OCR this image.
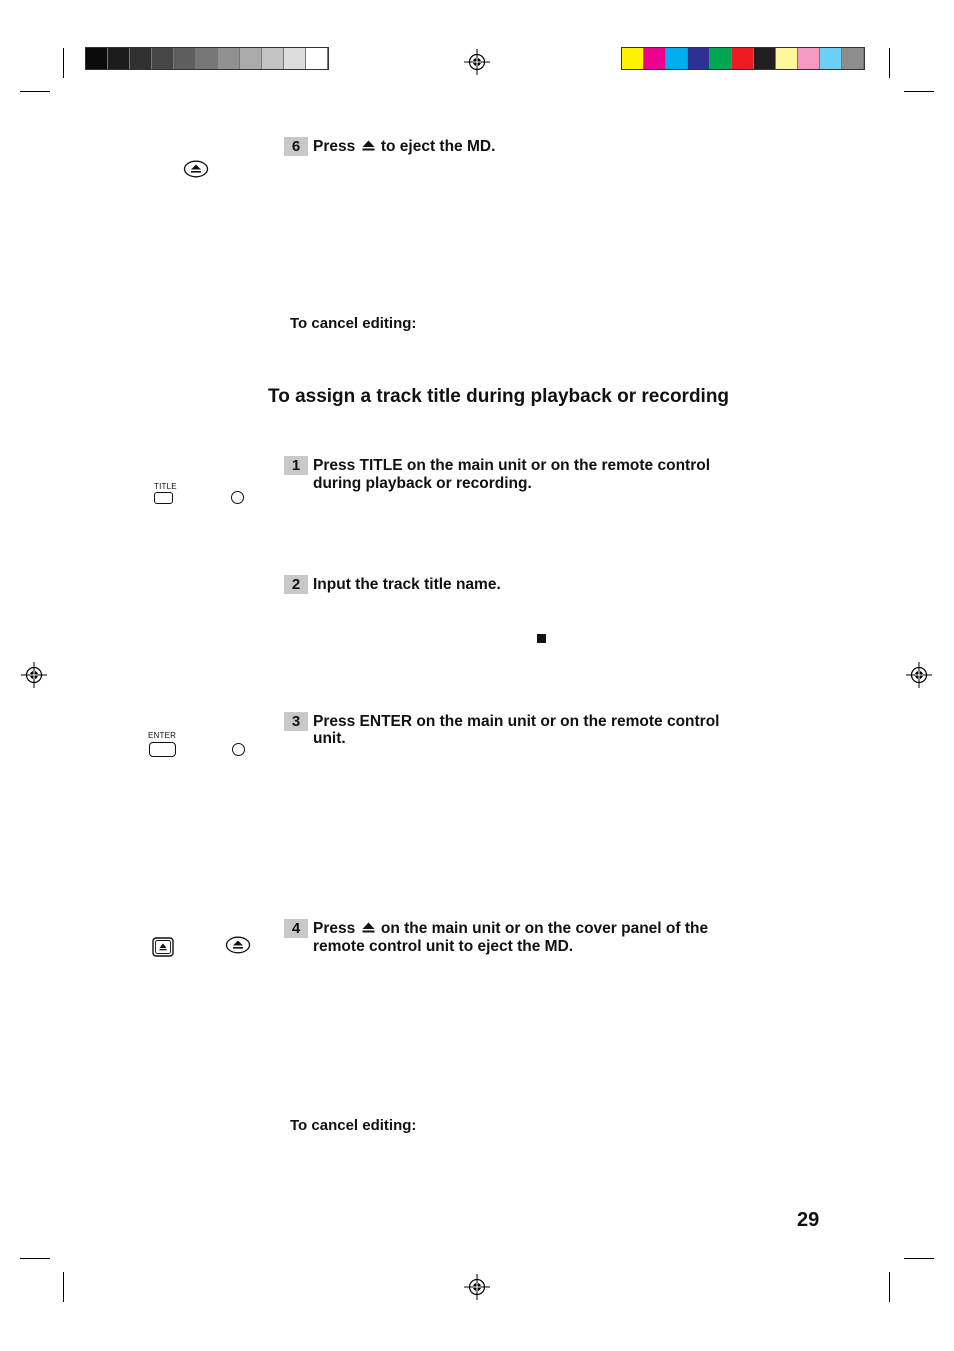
6 Press to eject the MD.
To cancel editing:
To assign a track title during playback or recording
TITLE
1 Press TITLE on the main unit or on the remote control
during playback or recording.
2 Input the track title name.
ENTER
3 Press ENTER on the main unit or on the remote control
unit.
4 Press on the main unit or on the cover panel of the
remote control unit to eject the MD.
To cancel editing:
29
